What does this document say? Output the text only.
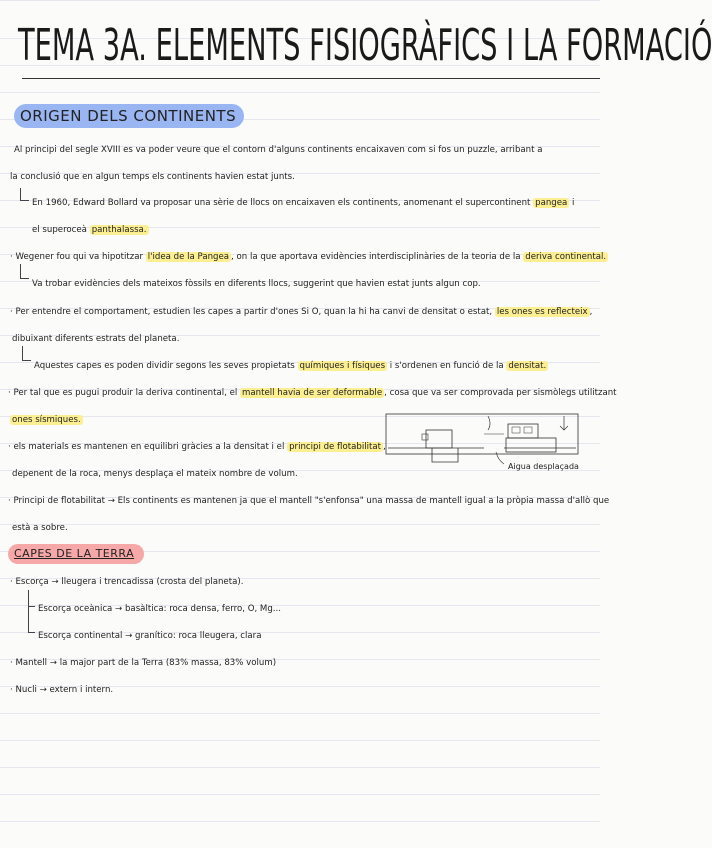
TEMA 3A. ELEMENTS FISIOGRÀFICS I LA FORMACIÓ
ORIGEN DELS CONTINENTS
Al principi del segle XVIII es va poder veure que el contorn d'alguns continents encaixaven com si fos un puzzle, arribant a
la conclusió que en algun temps els continents havien estat junts.
En 1960, Edward Bollard va proposar una sèrie de llocs on encaixaven els continents, anomenant el supercontinent pangea i
el superoceà panthalassa.
· Wegener fou qui va hipotitzar l'idea de la Pangea , on la que aportava evidències interdisciplinàries de la teoria de la deriva continental.
Va trobar evidències dels mateixos fòssils en diferents llocs, suggerint que havien estat junts algun cop.
· Per entendre el comportament, estudien les capes a partir d'ones Si O, quan la hi ha canvi de densitat o estat, les ones es reflecteix ,
dibuixant diferents estrats del planeta.
Aquestes capes es poden dividir segons les seves propietats químiques i físiques i s'ordenen en funció de la densitat.
· Per tal que es pugui produir la deriva continental, el mantell havia de ser deformable , cosa que va ser comprovada per sismòlegs utilitzant
ones sísmiques.
· els materials es mantenen en equilibri gràcies a la densitat i el principi de flotabilitat ,
depenent de la roca, menys desplaça el mateix nombre de volum.
Aigua desplaçada
· Principi de flotabilitat → Els continents es mantenen ja que el mantell "s'enfonsa" una massa de mantell igual a la pròpia massa d'allò que
està a sobre.
CAPES DE LA TERRA
· Escorça → lleugera i trencadissa (crosta del planeta).
Escorça oceànica → basàltica: roca densa, ferro, O, Mg...
Escorça continental → granítico: roca lleugera, clara
· Mantell → la major part de la Terra (83% massa, 83% volum)
· Nucli → extern i intern.
